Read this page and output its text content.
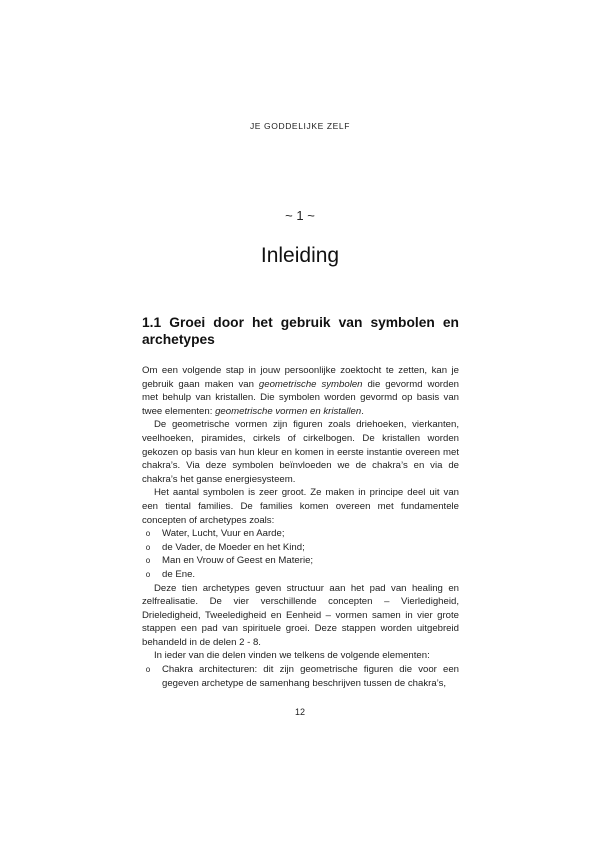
JE GODDELIJKE ZELF
~ 1 ~
Inleiding
1.1 Groei door het gebruik van symbolen en archetypes

Om een volgende stap in jouw persoonlijke zoektocht te zetten, kan je gebruik gaan maken van geometrische symbolen die gevormd worden met behulp van kristallen. Die symbolen worden gevormd op basis van twee elementen: geometrische vormen en kristallen.

De geometrische vormen zijn figuren zoals driehoeken, vierkanten, veelhoeken, piramides, cirkels of cirkelbogen. De kristallen worden gekozen op basis van hun kleur en komen in eerste instantie overeen met chakra’s. Via deze symbolen beïnvloeden we de chakra’s en via de chakra’s het ganse energiesysteem.

Het aantal symbolen is zeer groot. Ze maken in principe deel uit van een tiental families. De families komen overeen met fundamentele concepten of archetypes zoals:

o	Water, Lucht, Vuur en Aarde;
o	de Vader, de Moeder en het Kind;
o	Man en Vrouw of Geest en Materie;
o	de Ene.

Deze tien archetypes geven structuur aan het pad van healing en zelfrealisatie. De vier verschillende concepten – Vierledigheid, Drieledigheid, Tweeledigheid en Eenheid – vormen samen in vier grote stappen een pad van spirituele groei. Deze stappen worden uitgebreid behandeld in de delen 2 - 8.

In ieder van die delen vinden we telkens de volgende elementen:

o	Chakra architecturen: dit zijn geometrische figuren die voor een gegeven archetype de samenhang beschrijven tussen de chakra’s,
12
